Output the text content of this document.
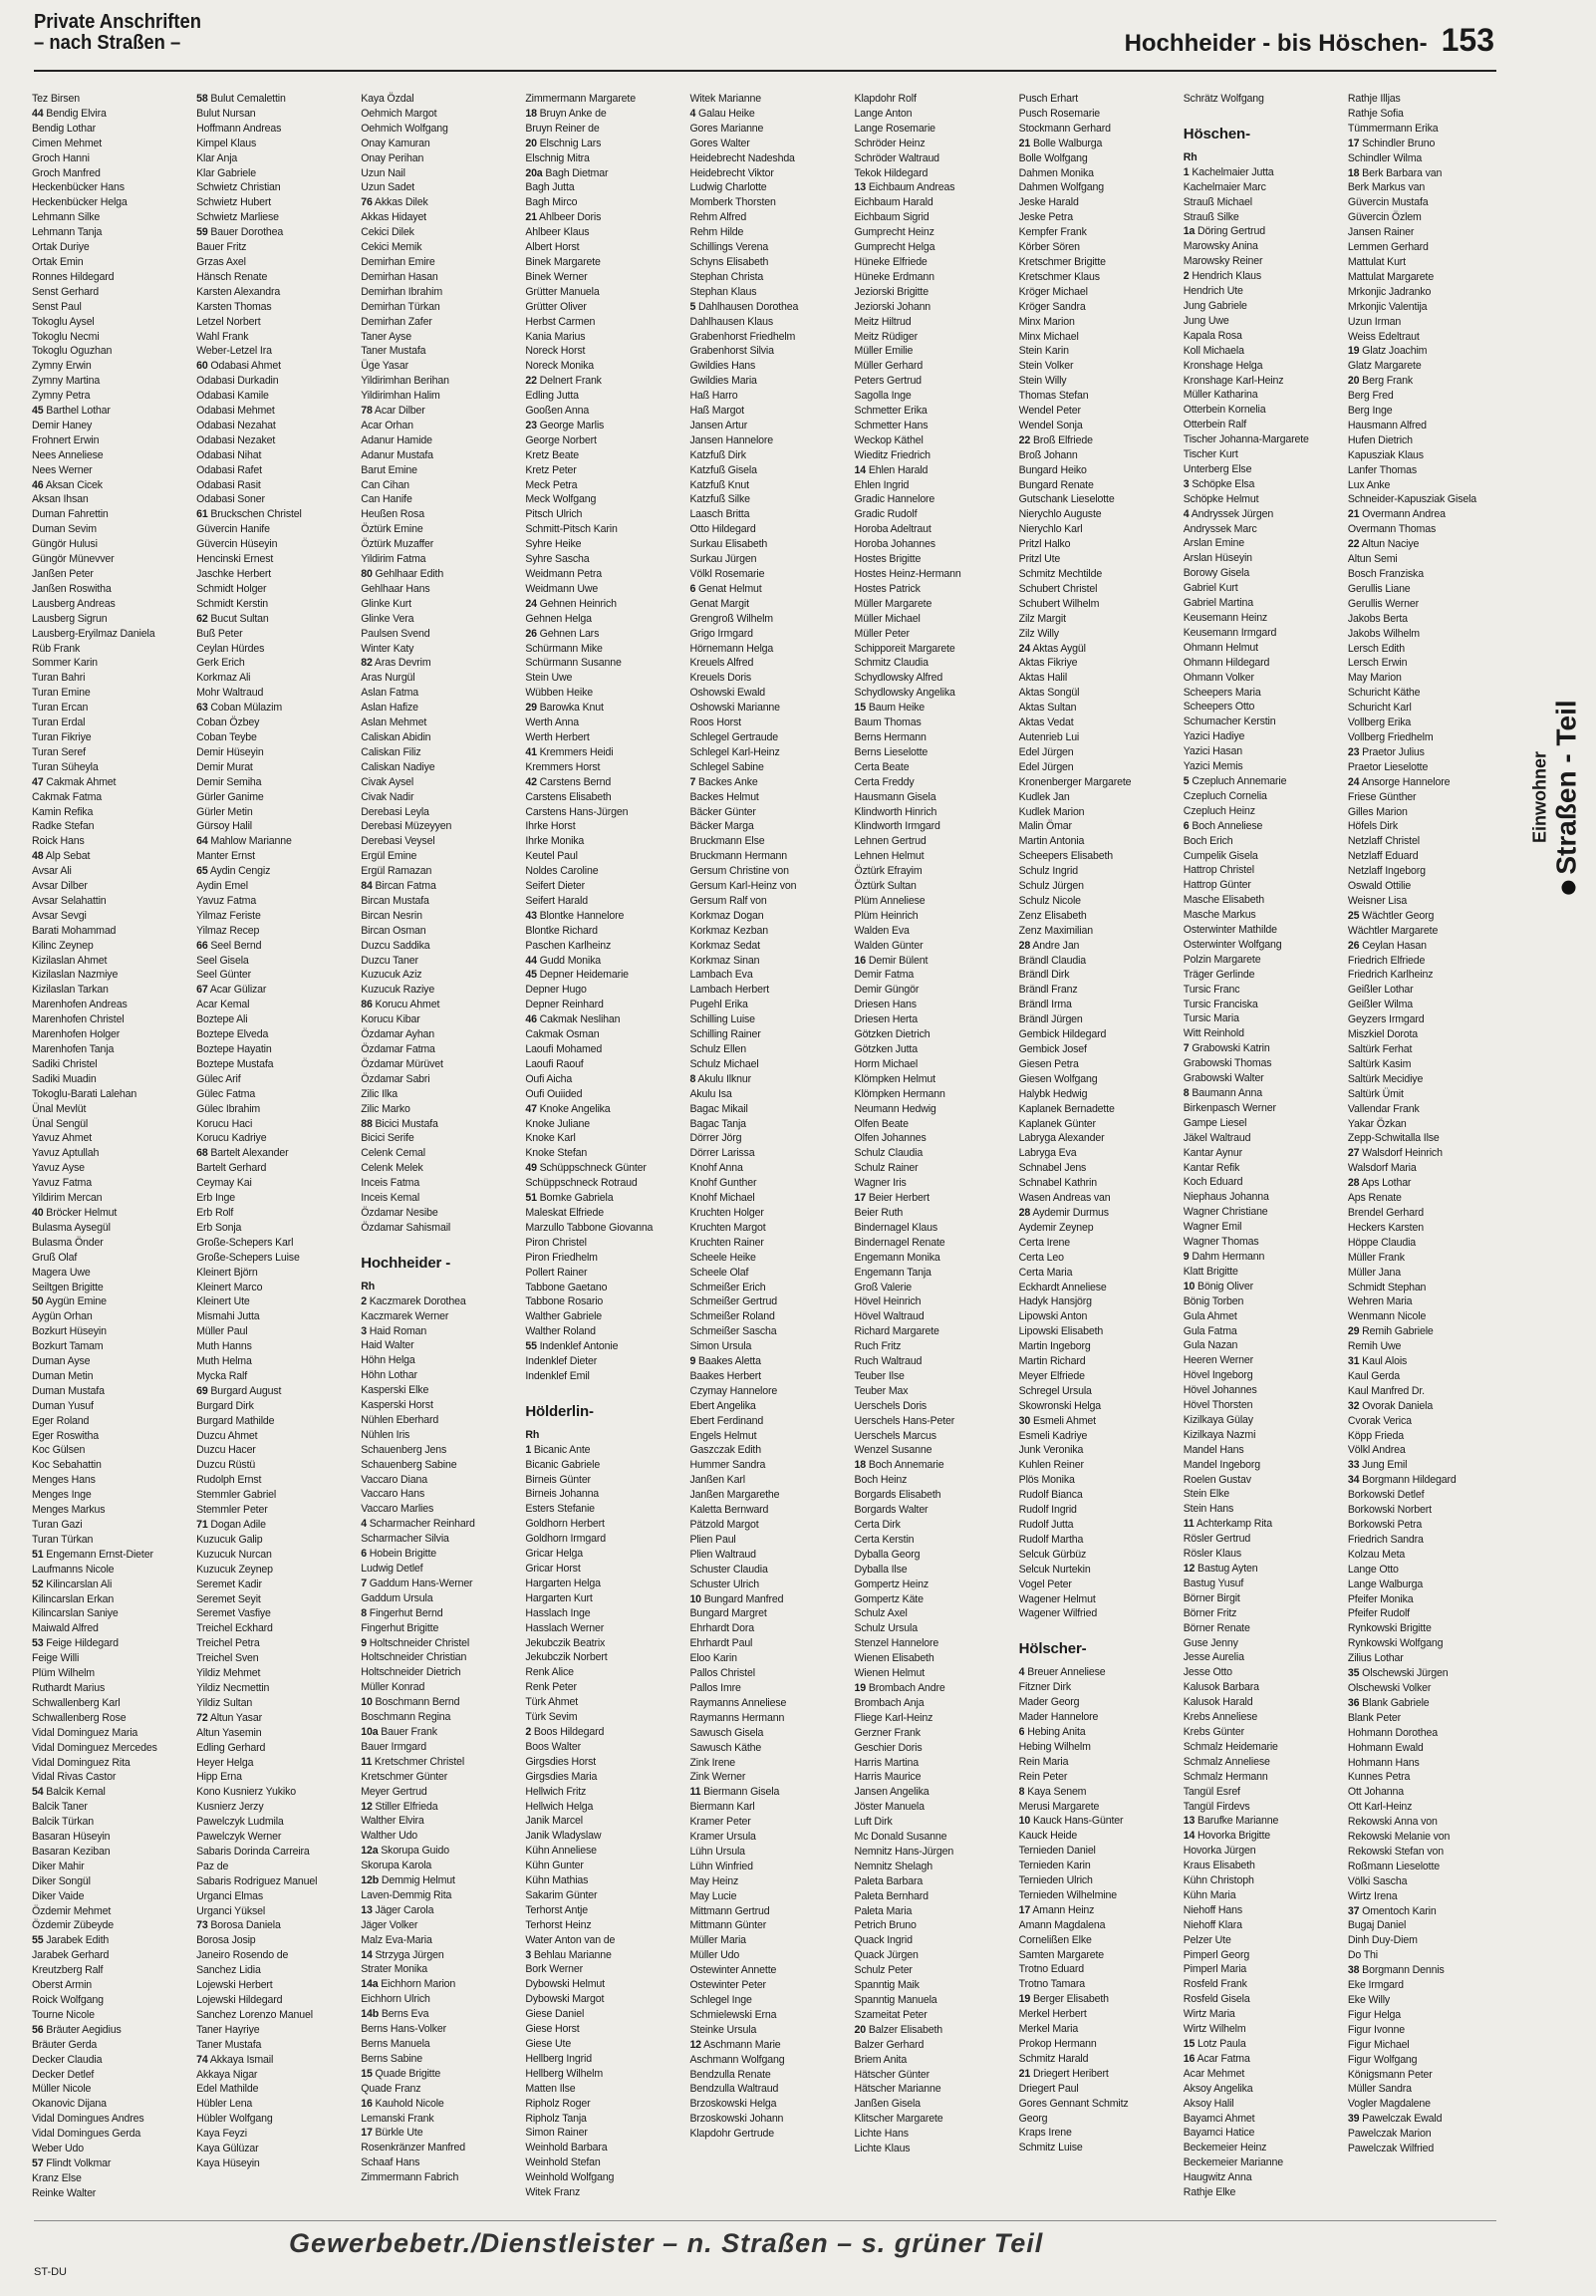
Private Anschriften
– nach Straßen –	Hochheider - bis Höschen- 153
Tez Birsen
44 Bendig Elvira
Bendig Lothar
Cimen Mehmet
Groch Hanni
Groch Manfred
Heckenbücker Hans
Heckenbücker Helga
Lehmann Silke
Lehmann Tanja
Ortak Duriye
Ortak Emin
Ronnes Hildegard
Senst Gerhard
Senst Paul
Tokoglu Aysel
Tokoglu Necmi
Tokoglu Oguzhan
Zymny Erwin
Zymny Martina
Zymny Petra
45 Barthel Lothar
Demir Haney
Frohnert Erwin
Nees Anneliese
Nees Werner
46 Aksan Cicek
Aksan Ihsan
Duman Fahrettin
Duman Sevim
Güngör Hulusi
Güngör Münevver
Janßen Peter
Janßen Roswitha
Lausberg Andreas
Lausberg Sigrun
Lausberg-Eryilmaz Daniela
Rüb Frank
Sommer Karin
Turan Bahri
Turan Emine
Turan Ercan
Turan Erdal
Turan Fikriye
Turan Seref
Turan Süheyla
47 Cakmak Ahmet
Cakmak Fatma
Kamin Refika
Radke Stefan
Roick Hans
48 Alp Sebat
Avsar Ali
Avsar Dilber
Avsar Selahattin
Avsar Sevgi
Barati Mohammad
Kilinc Zeynep
Kizilaslan Ahmet
Kizilaslan Nazmiye
Kizilaslan Tarkan
Marenhofen Andreas
Marenhofen Christel
Marenhofen Holger
Marenhofen Tanja
Sadiki Christel
Sadiki Muadin
Tokoglu-Barati Lalehan
Ünal Mevlüt
Ünal Sengül
Yavuz Ahmet
Yavuz Aptullah
Yavuz Ayse
Yavuz Fatma
Yildirim Mercan
40 Bröcker Helmut
Bulasma Aysegül
Bulasma Önder
Gruß Olaf
Magera Uwe
Seiltgen Brigitte
50 Aygün Emine
Aygün Orhan
Bozkurt Hüseyin
Bozkurt Tamam
Duman Ayse
Duman Metin
Duman Mustafa
Duman Yusuf
Eger Roland
Eger Roswitha
Koc Gülsen
Koc Sebahattin
Menges Hans
Menges Inge
Menges Markus
Turan Gazi
Turan Türkan
51 Engemann Ernst-Dieter
Laufmanns Nicole
52 Kilincarslan Ali
Kilincarslan Erkan
Kilincarslan Saniye
Maiwald Alfred
53 Feige Hildegard
Feige Willi
Plüm Wilhelm
Ruthardt Marius
Schwallenberg Karl
Schwallenberg Rose
Vidal Dominguez Maria
Vidal Dominguez Mercedes
Vidal Dominguez Rita
Vidal Rivas Castor
54 Balcik Kemal
Balcik Taner
Balcik Türkan
Basaran Hüseyin
Basaran Keziban
Diker Mahir
Diker Songül
Diker Vaide
Özdemir Mehmet
Özdemir Zübeyde
55 Jarabek Edith
Jarabek Gerhard
Kreutzberg Ralf
Oberst Armin
Roick Wolfgang
Tourne Nicole
56 Bräuter Aegidius
Bräuter Gerda
Decker Claudia
Decker Detlef
Müller Nicole
Okanovic Dijana
Vidal Domingues Andres
Vidal Domingues Gerda
Weber Udo
57 Flindt Volkmar
Kranz Else
Reinke Walter
58 Bulut Cemalettin
Bulut Nursan
Hoffmann Andreas
Kimpel Klaus
Klar Anja
Klar Gabriele
Schwietz Christian
Schwietz Hubert
Schwietz Marliese
59 Bauer Dorothea
Bauer Fritz
Grzas Axel
Hänsch Renate
Karsten Alexandra
Karsten Thomas
Letzel Norbert
Wahl Frank
Weber-Letzel Ira
60 Odabasi Ahmet
Odabasi Durkadin
Odabasi Kamile
Odabasi Mehmet
Odabasi Nezahat
Odabasi Nezaket
Odabasi Nihat
Odabasi Rafet
Odabasi Rasit
Odabasi Soner
61 Bruckschen Christel
Güvercin Hanife
Güvercin Hüseyin
Hencinski Ernest
Jaschke Herbert
Schmidt Holger
Schmidt Kerstin
62 Bucut Sultan
Buß Peter
Ceylan Hürdes
Gerk Erich
Korkmaz Ali
Mohr Waltraud
63 Coban Mülazim
Coban Özbey
Coban Teybe
Demir Hüseyin
Demir Murat
Demir Semiha
Gürler Ganime
Gürler Metin
Gürsoy Halil
64 Mahlow Marianne
Manter Ernst
65 Aydin Cengiz
Aydin Emel
Yavuz Fatma
Yilmaz Feriste
Yilmaz Recep
66 Seel Bernd
Seel Gisela
Seel Günter
67 Acar Gülizar
Acar Kemal
Boztepe Ali
Boztepe Elveda
Boztepe Hayatin
Boztepe Mustafa
Gülec Arif
Gülec Fatma
Gülec Ibrahim
Korucu Haci
Korucu Kadriye
68 Bartelt Alexander
Bartelt Gerhard
Ceymay Kai
Erb Inge
Erb Rolf
Erb Sonja
Große-Schepers Karl
Große-Schepers Luise
Kleinert Björn
Kleinert Marco
Kleinert Ute
Mismahi Jutta
Müller Paul
Muth Hanns
Muth Helma
Mycka Ralf
69 Burgard August
Burgard Dirk
Burgard Mathilde
Duzcu Ahmet
Duzcu Hacer
Duzcu Rüstü
Rudolph Ernst
Stemmler Gabriel
Stemmler Peter
71 Dogan Adile
Kuzucuk Galip
Kuzucuk Nurcan
Kuzucuk Zeynep
Seremet Kadir
Seremet Seyit
Seremet Vasfiye
Treichel Eckhard
Treichel Petra
Treichel Sven
Yildiz Mehmet
Yildiz Necmettin
Yildiz Sultan
72 Altun Yasar
Altun Yasemin
Edling Gerhard
Heyer Helga
Hipp Erna
Kono Kusnierz Yukiko
Kusnierz Jerzy
Pawelczyk Ludmila
Pawelczyk Werner
Sabaris Dorinda Carreira
Paz de
Sabaris Rodriguez Manuel
Urganci Elmas
Urganci Yüksel
73 Borosa Daniela
Borosa Josip
Janeiro Rosendo de
Sanchez Lidia
Lojewski Herbert
Lojewski Hildegard
Sanchez Lorenzo Manuel
Taner Hayriye
Taner Mustafa
74 Akkaya Ismail
Akkaya Nigar
Edel Mathilde
Hübler Lena
Hübler Wolfgang
Kaya Feyzi
Kaya Gülüzar
Kaya Hüseyin
Kaya Özdal
Oehmich Margot
Oehmich Wolfgang
Onay Kamuran
Onay Perihan
Uzun Nail
Uzun Sadet
76 Akkas Dilek
Akkas Hidayet
Cekici Dilek
Cekici Memik
Demirhan Emire
Demirhan Hasan
Demirhan Ibrahim
Demirhan Türkan
Demirhan Zafer
Taner Ayse
Taner Mustafa
Üge Yasar
Yildirimhan Berihan
Yildirimhan Halim
78 Acar Dilber
Acar Orhan
Adanur Hamide
Adanur Mustafa
Barut Emine
Can Cihan
Can Hanife
Heußen Rosa
Öztürk Emine
Öztürk Muzaffer
Yildirim Fatma
80 Gehlhaar Edith
Gehlhaar Hans
Glinke Kurt
Glinke Vera
Paulsen Svend
Winter Katy
82 Aras Devrim
Aras Nurgül
Aslan Fatma
Aslan Hafize
Aslan Mehmet
Caliskan Abidin
Caliskan Filiz
Caliskan Nadiye
Civak Aysel
Civak Nadir
Derebasi Leyla
Derebasi Müzeyyen
Derebasi Veysel
Ergül Emine
Ergül Ramazan
84 Bircan Fatma
Bircan Mustafa
Bircan Nesrin
Bircan Osman
Duzcu Saddika
Duzcu Taner
Kuzucuk Aziz
Kuzucuk Raziye
86 Korucu Ahmet
Korucu Kibar
Özdamar Ayhan
Özdamar Fatma
Özdamar Mürüvet
Özdamar Sabri
Zilic Ilka
Zilic Marko
88 Bicici Mustafa
Bicici Serife
Celenk Cemal
Celenk Melek
Inceis Fatma
Inceis Kemal
Özdamar Nesibe
Özdamar Sahismail
Hochheider -
Rh
2 Kaczmarek Dorothea
Kaczmarek Werner
3 Haid Roman
Haid Walter
Höhn Helga
Höhn Lothar
Kasperski Elke
Kasperski Horst
Nühlen Eberhard
Nühlen Iris
Schauenberg Jens
Schauenberg Sabine
Vaccaro Diana
Vaccaro Hans
Vaccaro Marlies
4 Scharmacher Reinhard
Scharmacher Silvia
6 Hobein Brigitte
Ludwig Detlef
7 Gaddum Hans-Werner
Gaddum Ursula
8 Fingerhut Bernd
Fingerhut Brigitte
9 Holtschneider Christel
Holtschneider Christian
Holtschneider Dietrich
Müller Konrad
10 Boschmann Bernd
Boschmann Regina
10a Bauer Frank
Bauer Irmgard
11 Kretschmer Christel
Kretschmer Günter
Meyer Gertrud
12 Stiller Elfrieda
Walther Elvira
Walther Udo
12a Skorupa Guido
Skorupa Karola
12b Demmig Helmut
Laven-Demmig Rita
13 Jäger Carola
Jäger Volker
Malz Eva-Maria
14 Strzyga Jürgen
Strater Monika
14a Eichhorn Marion
Eichhorn Ulrich
14b Berns Eva
Berns Hans-Volker
Berns Manuela
Berns Sabine
15 Quade Brigitte
Quade Franz
16 Kauhold Nicole
Lemanski Frank
17 Bürkle Ute
Rosenkränzer Manfred
Schaaf Hans
Zimmermann Fabrich
Zimmermann Margarete
18 Bruyn Anke de
Bruyn Reiner de
20 Elschnig Lars
Elschnig Mitra
20a Bagh Dietmar
Bagh Jutta
Bagh Mirco
21 Ahlbeer Doris
Ahlbeer Klaus
Albert Horst
Binek Margarete
Binek Werner
Grütter Manuela
Grütter Oliver
Herbst Carmen
Kania Marius
Noreck Horst
Noreck Monika
22 Delnert Frank
Edling Jutta
Gooßen Anna
23 George Marlis
George Norbert
Kretz Beate
Kretz Peter
Meck Petra
Meck Wolfgang
Pitsch Ulrich
Schmitt-Pitsch Karin
Syhre Heike
Syhre Sascha
Weidmann Petra
Weidmann Uwe
24 Gehnen Heinrich
Gehnen Helga
26 Gehnen Lars
Schürmann Mike
Schürmann Susanne
Stein Uwe
Wübben Heike
29 Barowka Knut
Werth Anna
Werth Herbert
41 Kremmers Heidi
Kremmers Horst
42 Carstens Bernd
Carstens Elisabeth
Carstens Hans-Jürgen
Ihrke Horst
Ihrke Monika
Keutel Paul
Noldes Caroline
Seifert Dieter
Seifert Harald
43 Blontke Hannelore
Blontke Richard
Paschen Karlheinz
44 Gudd Monika
45 Depner Heidemarie
Depner Hugo
Depner Reinhard
46 Cakmak Neslihan
Cakmak Osman
Laoufi Mohamed
Laoufi Raouf
Oufi Aicha
Oufi Ouiided
47 Knoke Angelika
Knoke Juliane
Knoke Karl
Knoke Stefan
49 Schüppschneck Günter
Schüppschneck Rotraud
51 Bomke Gabriela
Maleskat Elfriede
Marzullo Tabbone Giovanna
Piron Christel
Piron Friedhelm
Pollert Rainer
Tabbone Gaetano
Tabbone Rosario
Walther Gabriele
Walther Roland
55 Indenklef Antonie
Indenklef Dieter
Indenklef Emil
Hölderlin-
Rh
1 Bicanic Ante
Bicanic Gabriele
Birneis Günter
Birneis Johanna
Esters Stefanie
Goldhorn Herbert
Goldhorn Irmgard
Gricar Helga
Gricar Horst
Hargarten Helga
Hargarten Kurt
Hasslach Inge
Hasslach Werner
Jekubczik Beatrix
Jekubczik Norbert
Renk Alice
Renk Peter
Türk Ahmet
Türk Sevim
2 Boos Hildegard
Boos Walter
Girgsdies Horst
Girgsdies Maria
Hellwich Fritz
Hellwich Helga
Janik Marcel
Janik Wladyslaw
Kühn Anneliese
Kühn Gunter
Kühn Mathias
Sakarim Günter
Terhorst Antje
Terhorst Heinz
Water Anton van de
3 Behlau Marianne
Bork Werner
Dybowski Helmut
Dybowski Margot
Giese Daniel
Giese Horst
Giese Ute
Hellberg Ingrid
Hellberg Wilhelm
Matten Ilse
Ripholz Roger
Ripholz Tanja
Simon Rainer
Weinhold Barbara
Weinhold Stefan
Weinhold Wolfgang
Witek Franz
Witek Marianne
4 Galau Heike
Gores Marianne
Gores Walter
Heidebrecht Nadeshda
Heidebrecht Viktor
Ludwig Charlotte
Momberk Thorsten
Rehm Alfred
Rehm Hilde
Schillings Verena
Schyns Elisabeth
Stephan Christa
Stephan Klaus
5 Dahlhausen Dorothea
Dahlhausen Klaus
Grabenhorst Friedhelm
Grabenhorst Silvia
Gwildies Hans
Gwildies Maria
Haß Harro
Haß Margot
Jansen Artur
Jansen Hannelore
Katzfuß Dirk
Katzfuß Gisela
Katzfuß Knut
Katzfuß Silke
Laasch Britta
Otto Hildegard
Surkau Elisabeth
Surkau Jürgen
Völkl Rosemarie
6 Genat Helmut
Genat Margit
Grengroß Wilhelm
Grigo Irmgard
Hörnemann Helga
Kreuels Alfred
Kreuels Doris
Oshowski Ewald
Oshowski Marianne
Roos Horst
Schlegel Gertraude
Schlegel Karl-Heinz
Schlegel Sabine
7 Backes Anke
Backes Helmut
Bäcker Günter
Bäcker Marga
Bruckmann Else
Bruckmann Hermann
Gersum Christine von
Gersum Karl-Heinz von
Gersum Ralf von
Korkmaz Dogan
Korkmaz Kezban
Korkmaz Sedat
Korkmaz Sinan
Lambach Eva
Lambach Herbert
Pugehl Erika
Schilling Luise
Schilling Rainer
Schulz Ellen
Schulz Michael
8 Akulu Ilknur
Akulu Isa
Bagac Mikail
Bagac Tanja
Dörrer Jörg
Dörrer Larissa
Knohf Anna
Knohf Gunther
Knohf Michael
Kruchten Holger
Kruchten Margot
Kruchten Rainer
Scheele Heike
Scheele Olaf
Schmeißer Erich
Schmeißer Gertrud
Schmeißer Roland
Schmeißer Sascha
Simon Ursula
9 Baakes Aletta
Baakes Herbert
Czymay Hannelore
Ebert Angelika
Ebert Ferdinand
Engels Helmut
Gaszczak Edith
Hummer Sandra
Janßen Karl
Janßen Margarethe
Kaletta Bernward
Pätzold Margot
Plien Paul
Plien Waltraud
Schuster Claudia
Schuster Ulrich
10 Bungard Manfred
Bungard Margret
Ehrhardt Dora
Ehrhardt Paul
Eloo Karin
Pallos Christel
Pallos Imre
Raymanns Anneliese
Raymanns Hermann
Sawusch Gisela
Sawusch Käthe
Zink Irene
Zink Werner
11 Biermann Gisela
Biermann Karl
Kramer Peter
Kramer Ursula
Lühn Ursula
Lühn Winfried
May Heinz
May Lucie
Mittmann Gertrud
Mittmann Günter
Müller Maria
Müller Udo
Ostewinter Annette
Ostewinter Peter
Schlegel Inge
Schmielewski Erna
Steinke Ursula
12 Aschmann Marie
Aschmann Wolfgang
Bendzulla Renate
Bendzulla Waltraud
Brzoskowski Helga
Brzoskowski Johann
Klapdohr Gertrude
Klapdohr Rolf
Lange Anton
Lange Rosemarie
Schröder Heinz
Schröder Waltraud
Tekok Hildegard
13 Eichbaum Andreas
Eichbaum Harald
Eichbaum Sigrid
Gumprecht Heinz
Gumprecht Helga
Hüneke Elfriede
Hüneke Erdmann
Jeziorski Brigitte
Jeziorski Johann
Meitz Hiltrud
Meitz Rüdiger
Müller Emilie
Müller Gerhard
Peters Gertrud
Sagolla Inge
Schmetter Erika
Schmetter Hans
Weckop Käthel
Wieditz Friedrich
14 Ehlen Harald
Ehlen Ingrid
Gradic Hannelore
Gradic Rudolf
Horoba Adeltraut
Horoba Johannes
Hostes Brigitte
Hostes Heinz-Hermann
Hostes Patrick
Müller Margarete
Müller Michael
Müller Peter
Schipporeit Margarete
Schmitz Claudia
Schydlowsky Alfred
Schydlowsky Angelika
15 Baum Heike
Baum Thomas
Berns Hermann
Berns Lieselotte
Certa Beate
Certa Freddy
Hausmann Gisela
Klindworth Hinrich
Klindworth Irmgard
Lehnen Gertrud
Lehnen Helmut
Öztürk Efrayim
Öztürk Sultan
Plüm Anneliese
Plüm Heinrich
Walden Eva
Walden Günter
16 Demir Bülent
Demir Fatma
Demir Güngör
Driesen Hans
Driesen Herta
Götzken Dietrich
Götzken Jutta
Horm Michael
Klömpken Helmut
Klömpken Hermann
Neumann Hedwig
Olfen Beate
Olfen Johannes
Schulz Claudia
Schulz Rainer
Wagner Iris
17 Beier Herbert
Beier Ruth
Bindernagel Klaus
Bindernagel Renate
Engemann Monika
Engemann Tanja
Groß Valerie
Hövel Heinrich
Hövel Waltraud
Richard Margarete
Ruch Fritz
Ruch Waltraud
Teuber Ilse
Teuber Max
Uerschels Doris
Uerschels Hans-Peter
Uerschels Marcus
Wenzel Susanne
18 Boch Annemarie
Boch Heinz
Borgards Elisabeth
Borgards Walter
Certa Dirk
Certa Kerstin
Dyballa Georg
Dyballa Ilse
Gompertz Heinz
Gompertz Käte
Schulz Axel
Schulz Ursula
Stenzel Hannelore
Wienen Elisabeth
Wienen Helmut
19 Brombach Andre
Brombach Anja
Fliege Karl-Heinz
Gerzner Frank
Geschier Doris
Harris Martina
Harris Maurice
Jansen Angelika
Jöster Manuela
Luft Dirk
Mc Donald Susanne
Nemnitz Hans-Jürgen
Nemnitz Shelagh
Paleta Barbara
Paleta Bernhard
Paleta Maria
Petrich Bruno
Quack Ingrid
Quack Jürgen
Schulz Peter
Spanntig Maik
Spanntig Manuela
Szameitat Peter
20 Balzer Elisabeth
Balzer Gerhard
Briem Anita
Hätscher Günter
Hätscher Marianne
Janßen Gisela
Klitscher Margarete
Lichte Hans
Lichte Klaus
Pusch Erhart
Pusch Rosemarie
Stockmann Gerhard
21 Bolle Walburga
Bolle Wolfgang
Dahmen Monika
Dahmen Wolfgang
Jeske Harald
Jeske Petra
Kempfer Frank
Körber Sören
Kretschmer Brigitte
Kretschmer Klaus
Kröger Michael
Kröger Sandra
Minx Marion
Minx Michael
Stein Karin
Stein Volker
Stein Willy
Thomas Stefan
Wendel Peter
Wendel Sonja
22 Broß Elfriede
Broß Johann
Bungard Heiko
Bungard Renate
Gutschank Lieselotte
Nierychlo Auguste
Nierychlo Karl
Pritzl Halko
Pritzl Ute
Schmitz Mechtilde
Schubert Christel
Schubert Wilhelm
Zilz Margit
Zilz Willy
24 Aktas Aygül
Aktas Fikriye
Aktas Halil
Aktas Songül
Aktas Sultan
Aktas Vedat
Autenrieb Lui
Edel Jürgen
Edel Jürgen
Kronenberger Margarete
Kudlek Jan
Kudlek Marion
Malin Ömar
Martin Antonia
Scheepers Elisabeth
Schulz Ingrid
Schulz Jürgen
Schulz Nicole
Zenz Elisabeth
Zenz Maximilian
28 Andre Jan
Brändl Claudia
Brändl Dirk
Brändl Franz
Brändl Irma
Brändl Jürgen
Gembick Hildegard
Gembick Josef
Giesen Petra
Giesen Wolfgang
Halybk Hedwig
Kaplanek Bernadette
Kaplanek Günter
Labryga Alexander
Labryga Eva
Schnabel Jens
Schnabel Kathrin
Wasen Andreas van
28 Aydemir Durmus
Aydemir Zeynep
Certa Irene
Certa Leo
Certa Maria
Eckhardt Anneliese
Hadyk Hansjörg
Lipowski Anton
Lipowski Elisabeth
Martin Ingeborg
Martin Richard
Meyer Elfriede
Schregel Ursula
Skowronski Helga
30 Esmeli Ahmet
Esmeli Kadriye
Junk Veronika
Kuhlen Reiner
Plös Monika
Rudolf Bianca
Rudolf Ingrid
Rudolf Jutta
Rudolf Martha
Selcuk Gürbüz
Selcuk Nurtekin
Vogel Peter
Wagener Helmut
Wagener Wilfried
Hölscher-
4 Breuer Anneliese
Fitzner Dirk
Mader Georg
Mader Hannelore
6 Hebing Anita
Hebing Wilhelm
Rein Maria
Rein Peter
8 Kaya Senem
Merusi Margarete
10 Kauck Hans-Günter
Kauck Heide
Terniеden Daniel
Terniеden Karin
Terniеden Ulrich
Terniеden Wilhelmine
17 Amann Heinz
Amann Magdalena
Cornelißen Elke
Samten Margarete
Trotno Eduard
Trotno Tamara
19 Berger Elisabeth
Merkel Herbert
Merkel Maria
Prokop Hermann
Schmitz Harald
21 Driegert Heribert
Driegert Paul
Gores Gennant Schmitz
Georg
Kraps Irene
Schmitz Luise
Schrätz Wolfgang
Höschen-
Rh
1 Kachelmaier Jutta
Kachelmaier Marc
Strauß Michael
Strauß Silke
1a Döring Gertrud
Marowsky Anina
Marowsky Reiner
2 Hendrich Klaus
Hendrich Ute
Jung Gabriele
Jung Uwe
Kapala Rosa
Koll Michaela
Kronshage Helga
Kronshage Karl-Heinz
Müller Katharina
Otterbein Kornelia
Otterbein Ralf
Tischer Johanna-Margarete
Tischer Kurt
Unterberg Else
3 Schöpke Elsa
Schöpke Helmut
4 Andryssek Jürgen
Andryssek Marc
Arslan Emine
Arslan Hüseyin
Borowy Gisela
Gabriel Kurt
Gabriel Martina
Keusemann Heinz
Keusemann Irmgard
Ohmann Helmut
Ohmann Hildegard
Ohmann Volker
Scheepers Maria
Scheepers Otto
Schumacher Kerstin
Yazici Hadiye
Yazici Hasan
Yazici Memis
5 Czepluch Annemarie
Czepluch Cornelia
Czepluch Heinz
6 Boch Anneliese
Boch Erich
Cumpelik Gisela
Hattrop Christel
Hattrop Günter
Masche Elisabeth
Masche Markus
Osterwinter Mathilde
Osterwinter Wolfgang
Polzin Margarete
Träger Gerlinde
Tursic Franc
Tursic Franciska
Tursic Maria
Witt Reinhold
7 Grabowski Katrin
Grabowski Thomas
Grabowski Walter
8 Baumann Anna
Birkenpasch Werner
Gampe Liesel
Jäkel Waltraud
Kantar Aynur
Kantar Refik
Koch Eduard
Niephaus Johanna
Wagner Christiane
Wagner Emil
Wagner Thomas
9 Dahm Hermann
Klatt Brigitte
10 Bönig Oliver
Bönig Torben
Gula Ahmet
Gula Fatma
Gula Nazan
Heeren Werner
Hövel Ingeborg
Hövel Johannes
Hövel Thorsten
Kizilkaya Gülay
Kizilkaya Nazmi
Mandel Hans
Mandel Ingeborg
Roelen Gustav
Stein Elke
Stein Hans
11 Achterkamp Rita
Rösler Gertrud
Rösler Klaus
12 Bastug Ayten
Bastug Yusuf
Börner Birgit
Börner Fritz
Börner Renate
Guse Jenny
Jesse Aurelia
Jesse Otto
Kalusok Barbara
Kalusok Harald
Krebs Anneliese
Krebs Günter
Schmalz Heidemarie
Schmalz Anneliese
Schmalz Hermann
Tangül Esref
Tangül Firdevs
13 Barufke Marianne
14 Hovorka Brigitte
Hovorka Jürgen
Kraus Elisabeth
Kühn Christoph
Kühn Maria
Niehoff Hans
Niehoff Klara
Pelzer Ute
Pimperl Georg
Pimperl Maria
Rosfeld Frank
Rosfeld Gisela
Wirtz Maria
Wirtz Wilhelm
15 Lotz Paula
16 Acar Fatma
Acar Mehmet
Aksoy Angelika
Aksoy Halil
Bayamci Ahmet
Bayamci Hatice
Beckemeier Heinz
Beckemeier Marianne
Haugwitz Anna
Rathje Elke
Rathje Illjas
Rathje Sofia
Tümmermann Erika
17 Schindler Bruno
Schindler Wilma
18 Berk Barbara van
Berk Markus van
Güvercin Mustafa
Güvercin Özlem
Jansen Rainer
Lemmen Gerhard
Mattulat Kurt
Mattulat Margarete
Mrkonjic Jadranko
Mrkonjic Valentija
Uzun Irman
Weiss Edeltraut
19 Glatz Joachim
Glatz Margarete
20 Berg Frank
Berg Fred
Berg Inge
Hausmann Alfred
Hufen Dietrich
Kapusziak Klaus
Lanfer Thomas
Lux Anke
Schneider-Kapusziak Gisela
21 Overmann Andrea
Overmann Thomas
22 Altun Naciye
Altun Semi
Bosch Franziska
Gerullis Liane
Gerullis Werner
Jakobs Berta
Jakobs Wilhelm
Lersch Edith
Lersch Erwin
May Marion
Schuricht Käthe
Schuricht Karl
Vollberg Erika
Vollberg Friedhelm
23 Praetor Julius
Praetor Lieselotte
24 Ansorge Hannelore
Friese Günther
Gilles Marion
Höfels Dirk
Netzlaff Christel
Netzlaff Eduard
Netzlaff Ingeborg
Oswald Ottilie
Weisner Lisa
25 Wächtler Georg
Wächtler Margarete
26 Ceylan Hasan
Friedrich Elfriede
Friedrich Karlheinz
Geißler Lothar
Geißler Wilma
Geyzers Irmgard
Miszkiel Dorota
Saltürk Ferhat
Saltürk Kasim
Saltürk Mecidiye
Saltürk Ümit
Vallendar Frank
Yakar Özkan
Zepp-Schwitalla Ilse
27 Walsdorf Heinrich
Walsdorf Maria
28 Aps Lothar
Aps Renate
Brendel Gerhard
Heckers Karsten
Höppe Claudia
Müller Frank
Müller Jana
Schmidt Stephan
Wehren Maria
Wenmann Nicole
29 Remih Gabriele
Remih Uwe
31 Kaul Alois
Kaul Gerda
Kaul Manfred Dr.
32 Ovorak Daniela
Cvorak Verica
Köpp Frieda
Völkl Andrea
33 Jung Emil
34 Borgmann Hildegard
Borkowski Detlef
Borkowski Norbert
Borkowski Petra
Friedrich Sandra
Kolzau Meta
Lange Otto
Lange Walburga
Pfeifer Monika
Pfeifer Rudolf
Rynkowski Brigitte
Rynkowski Wolfgang
Zilius Lothar
35 Olschewski Jürgen
Olschewski Volker
36 Blank Gabriele
Blank Peter
Hohmann Dorothea
Hohmann Ewald
Hohmann Hans
Kunnes Petra
Ott Johanna
Ott Karl-Heinz
Rekowski Anna von
Rekowski Melanie von
Rekowski Stefan von
Roßmann Lieselotte
Völki Sascha
Wirtz Irena
37 Omentoch Karin
Bugaj Daniel
Dinh Duy-Diem
Do Thi
38 Borgmann Dennis
Eke Irmgard
Eke Willy
Figur Helga
Figur Ivonne
Figur Michael
Figur Wolfgang
Königsmann Peter
Müller Sandra
Vogler Magdalene
39 Pawelczak Ewald
Pawelczak Marion
Pawelczak Wilfried
Einwohner Straßen - Teil
Gewerbebetr./Dienstleister – n. Straßen – s. grüner Teil
ST-DU
